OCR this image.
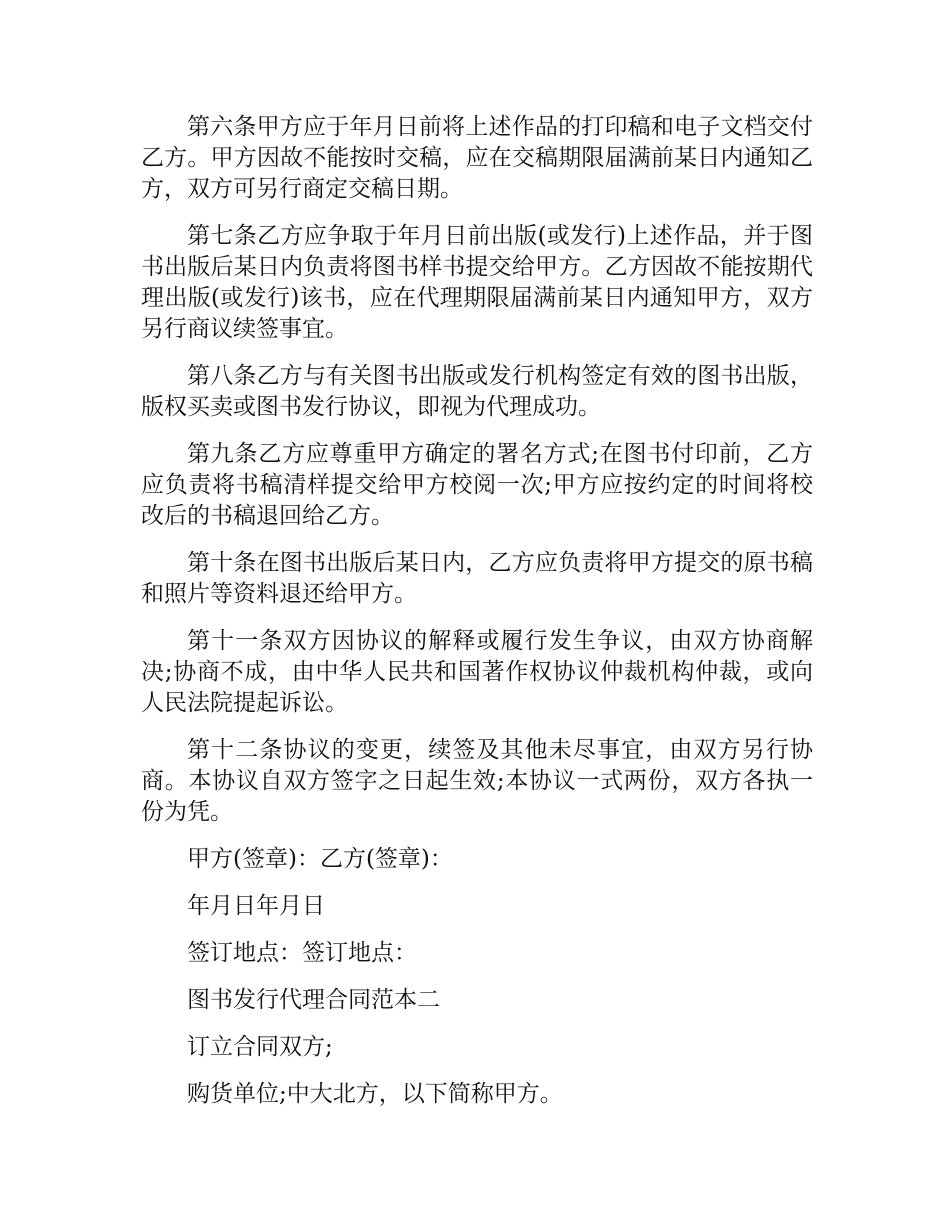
第六条甲方应于年月日前将上述作品的打印稿和电子文档交付乙方。甲方因故不能按时交稿，应在交稿期限届满前某日内通知乙方，双方可另行商定交稿日期。

第七条乙方应争取于年月日前出版(或发行)上述作品，并于图书出版后某日内负责将图书样书提交给甲方。乙方因故不能按期代理出版(或发行)该书，应在代理期限届满前某日内通知甲方，双方另行商议续签事宜。

第八条乙方与有关图书出版或发行机构签定有效的图书出版，版权买卖或图书发行协议，即视为代理成功。

第九条乙方应尊重甲方确定的署名方式;在图书付印前，乙方应负责将书稿清样提交给甲方校阅一次;甲方应按约定的时间将校改后的书稿退回给乙方。

第十条在图书出版后某日内，乙方应负责将甲方提交的原书稿和照片等资料退还给甲方。

第十一条双方因协议的解释或履行发生争议，由双方协商解决;协商不成，由中华人民共和国著作权协议仲裁机构仲裁，或向人民法院提起诉讼。

第十二条协议的变更，续签及其他未尽事宜，由双方另行协商。本协议自双方签字之日起生效;本协议一式两份，双方各执一份为凭。

甲方(签章)：乙方(签章)：

年月日年月日

签订地点：签订地点：

图书发行代理合同范本二

订立合同双方;

购货单位;中大北方，以下简称甲方。
